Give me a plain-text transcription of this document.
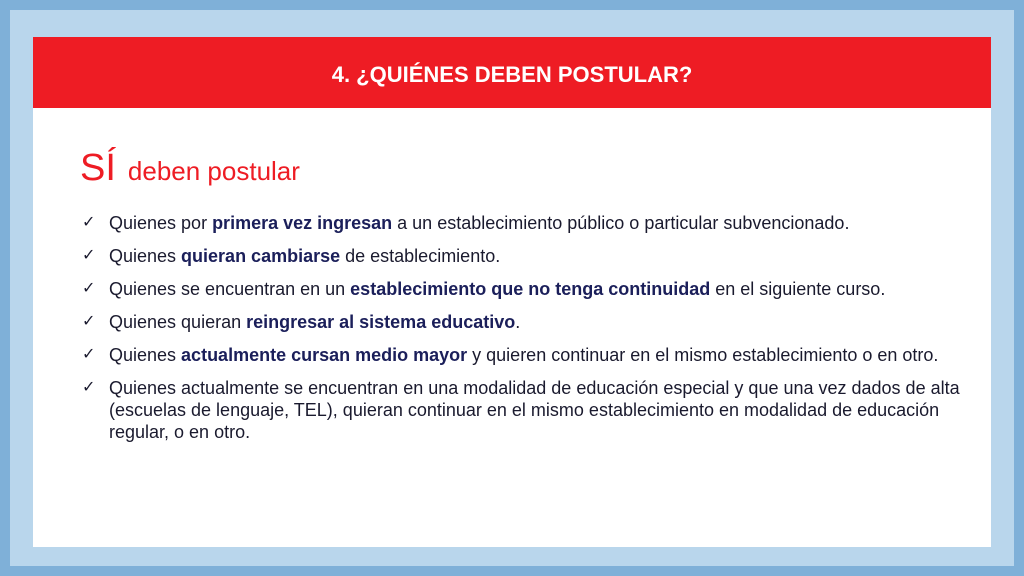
4. ¿QUIÉNES DEBEN POSTULAR?
SÍ deben postular
✓ Quienes por primera vez ingresan a un establecimiento público o particular subvencionado.
✓ Quienes quieran cambiarse de establecimiento.
✓ Quienes se encuentran en un establecimiento que no tenga continuidad en el siguiente curso.
✓ Quienes quieran reingresar al sistema educativo.
✓ Quienes actualmente cursan medio mayor y quieren continuar en el mismo establecimiento o en otro.
✓ Quienes actualmente se encuentran en una modalidad de educación especial y que una vez dados de alta (escuelas de lenguaje, TEL), quieran continuar en el mismo establecimiento en modalidad de educación regular, o en otro.
